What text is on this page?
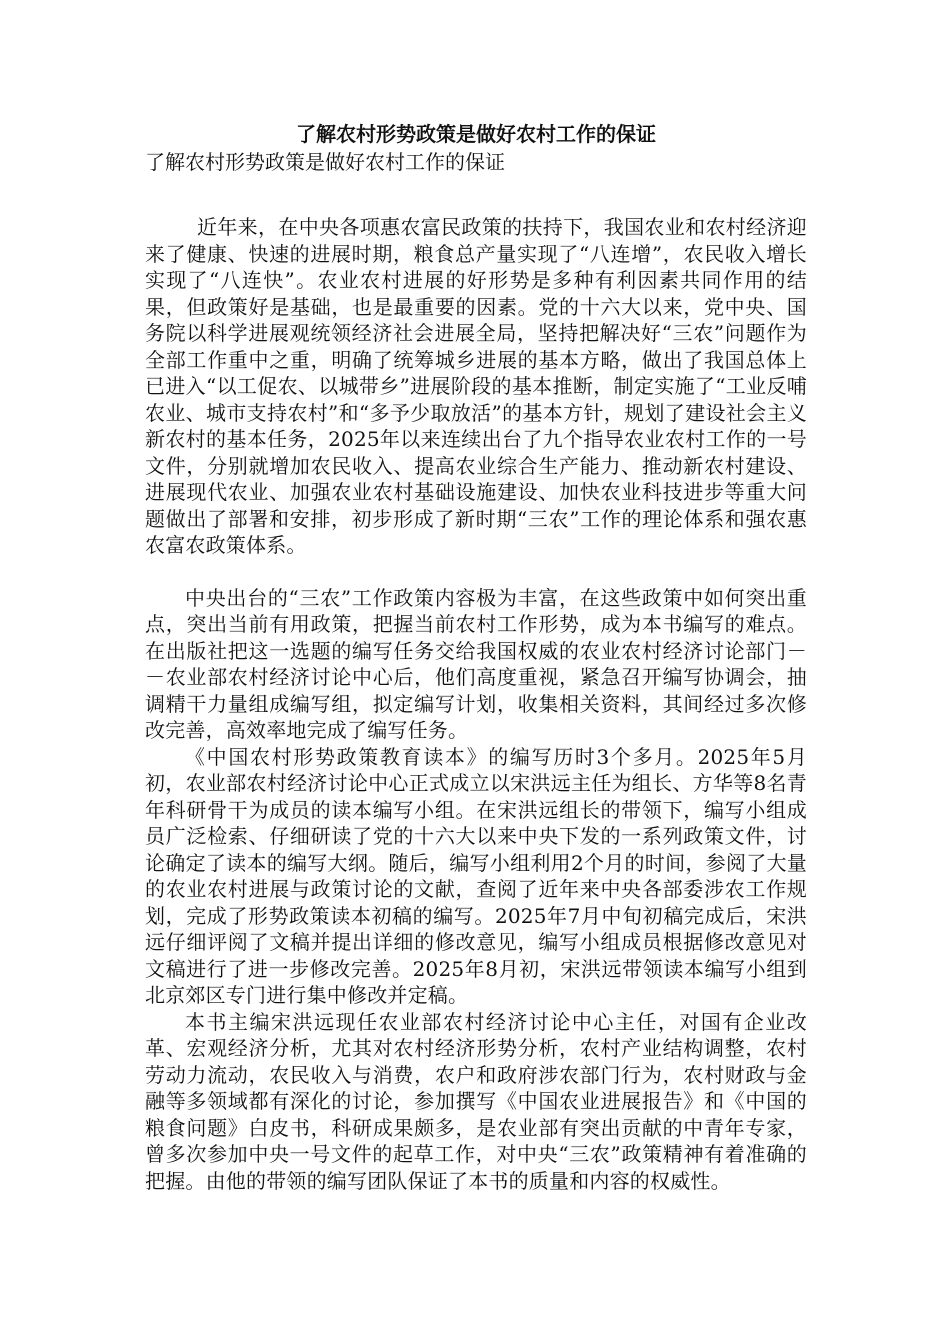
了解农村形势政策是做好农村工作的保证

了解农村形势政策是做好农村工作的保证

近年来，在中央各项惠农富民政策的扶持下，我国农业和农村经济迎来了健康、快速的进展时期，粮食总产量实现了“八连增”，农民收入增长实现了“八连快”。农业农村进展的好形势是多种有利因素共同作用的结果，但政策好是基础，也是最重要的因素。党的十六大以来，党中央、国务院以科学进展观统领经济社会进展全局，坚持把解决好“三农”问题作为全部工作重中之重，明确了统筹城乡进展的基本方略，做出了我国总体上已进入“以工促农、以城带乡”进展阶段的基本推断，制定实施了“工业反哺农业、城市支持农村”和“多予少取放活”的基本方针，规划了建设社会主义新农村的基本任务，2025年以来连续出台了九个指导农业农村工作的一号文件，分别就增加农民收入、提高农业综合生产能力、推动新农村建设、进展现代农业、加强农业农村基础设施建设、加快农业科技进步等重大问题做出了部署和安排，初步形成了新时期“三农”工作的理论体系和强农惠农富农政策体系。

中央出台的“三农”工作政策内容极为丰富，在这些政策中如何突出重点，突出当前有用政策，把握当前农村工作形势，成为本书编写的难点。在出版社把这一选题的编写任务交给我国权威的农业农村经济讨论部门－－农业部农村经济讨论中心后，他们高度重视，紧急召开编写协调会，抽调精干力量组成编写组，拟定编写计划，收集相关资料，其间经过多次修改完善，高效率地完成了编写任务。

《中国农村形势政策教育读本》的编写历时3个多月。2025年5月初，农业部农村经济讨论中心正式成立以宋洪远主任为组长、方华等8名青年科研骨干为成员的读本编写小组。在宋洪远组长的带领下，编写小组成员广泛检索、仔细研读了党的十六大以来中央下发的一系列政策文件，讨论确定了读本的编写大纲。随后，编写小组利用2个月的时间，参阅了大量的农业农村进展与政策讨论的文献，查阅了近年来中央各部委涉农工作规划，完成了形势政策读本初稿的编写。2025年7月中旬初稿完成后，宋洪远仔细评阅了文稿并提出详细的修改意见，编写小组成员根据修改意见对文稿进行了进一步修改完善。2025年8月初，宋洪远带领读本编写小组到北京郊区专门进行集中修改并定稿。

本书主编宋洪远现任农业部农村经济讨论中心主任，对国有企业改革、宏观经济分析，尤其对农村经济形势分析，农村产业结构调整，农村劳动力流动，农民收入与消费，农户和政府涉农部门行为，农村财政与金融等多领域都有深化的讨论，参加撰写《中国农业进展报告》和《中国的粮食问题》白皮书，科研成果颇多，是农业部有突出贡献的中青年专家，曾多次参加中央一号文件的起草工作，对中央“三农”政策精神有着准确的把握。由他的带领的编写团队保证了本书的质量和内容的权威性。
